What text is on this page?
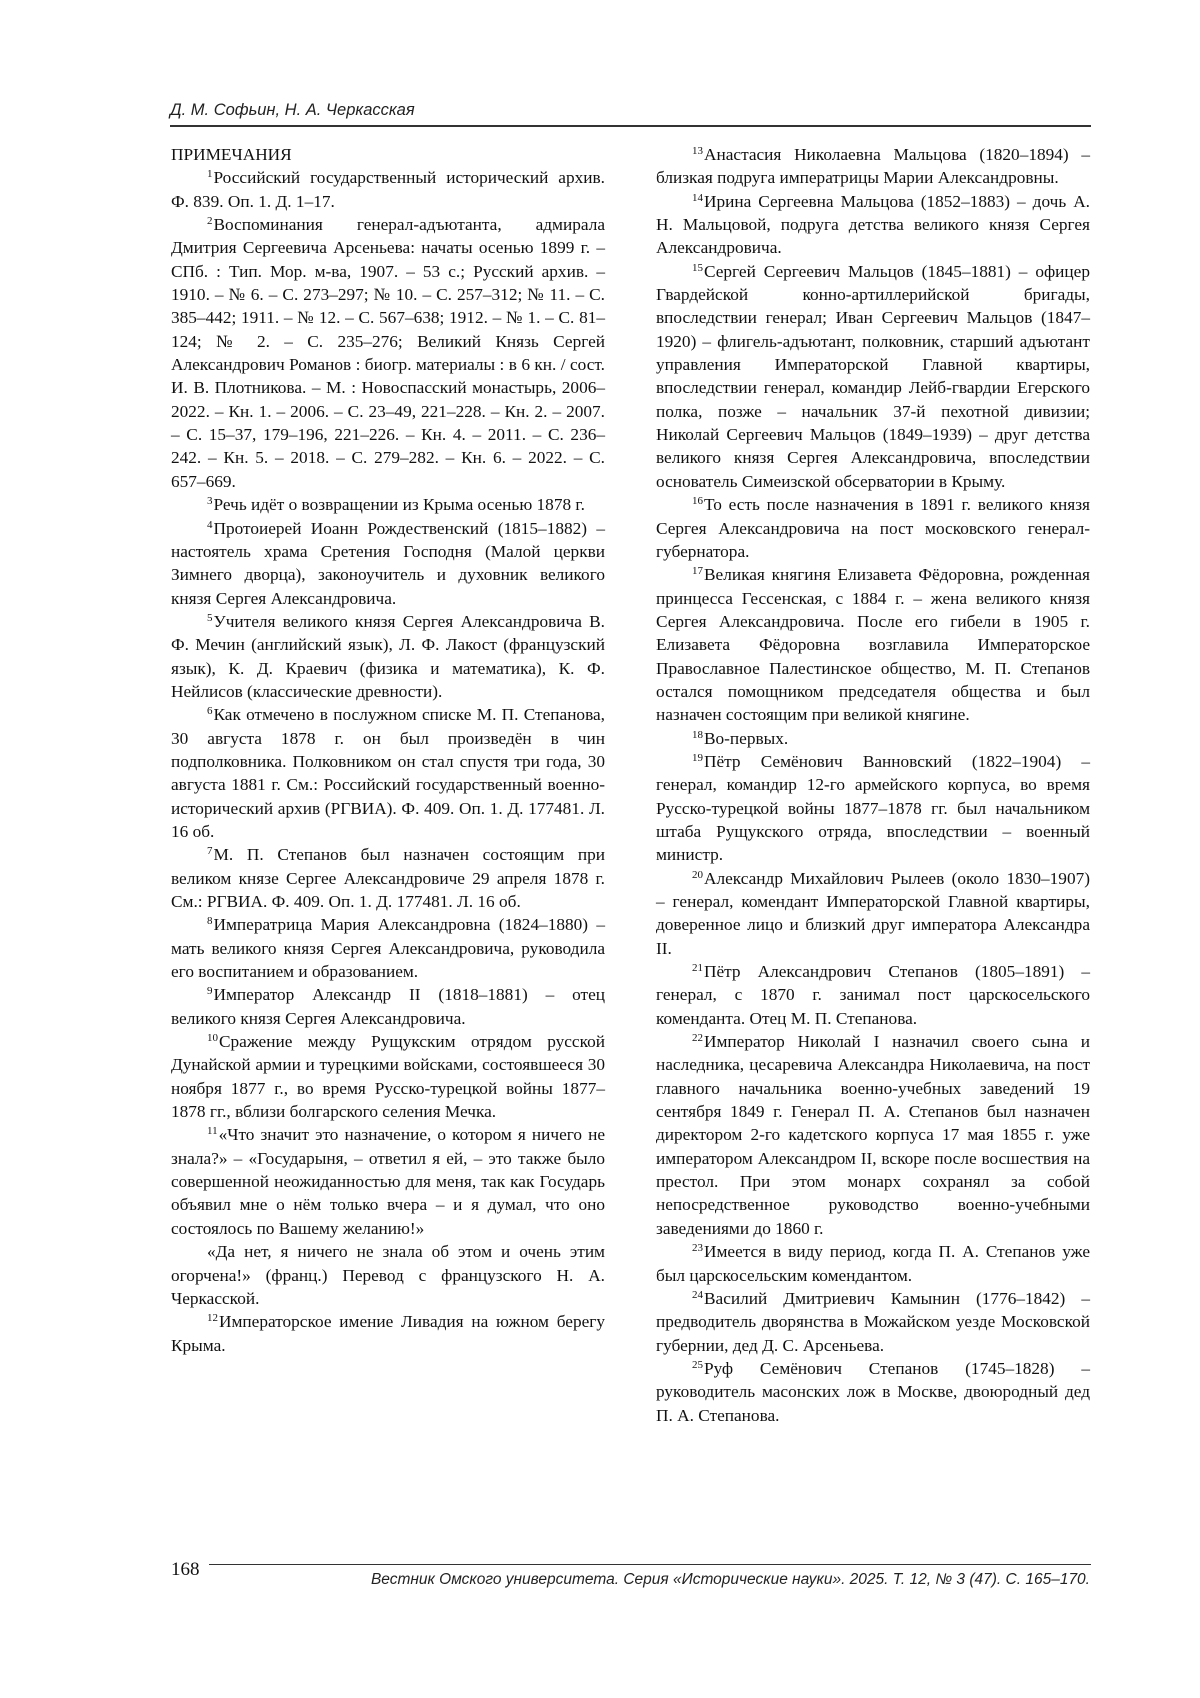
Д. М. Софьин, Н. А. Черкасская

ПРИМЕЧАНИЯ

$^1$Российский государственный исторический архив. Ф. 839. Оп. 1. Д. 1–17.

$^2$Воспоминания генерал-адъютанта, адмирала Дмитрия Сергеевича Арсеньева: начаты осенью 1899 г. – СПб. : Тип. Мор. м-ва, 1907. – 53 с.; Русский архив. – 1910. – № 6. – С. 273–297; № 10. – С. 257–312; № 11. – С. 385–442; 1911. – № 12. – С. 567–638; 1912. – № 1. – С. 81–124; № 2. – С. 235–276; Великий Князь Сергей Александрович Романов : биогр. материалы : в 6 кн. / сост. И. В. Плотникова. – М. : Новоспасский монастырь, 2006–2022. – Кн. 1. – 2006. – С. 23–49, 221–228. – Кн. 2. – 2007. – С. 15–37, 179–196, 221–226. – Кн. 4. – 2011. – С. 236–242. – Кн. 5. – 2018. – С. 279–282. – Кн. 6. – 2022. – С. 657–669.

$^3$Речь идёт о возвращении из Крыма осенью 1878 г.

$^4$Протоиерей Иоанн Рождественский (1815–1882) – настоятель храма Сретения Господня (Малой церкви Зимнего дворца), законоучитель и духовник великого князя Сергея Александровича.

$^5$Учителя великого князя Сергея Александровича В. Ф. Мечин (английский язык), Л. Ф. Лакост (французский язык), К. Д. Краевич (физика и математика), К. Ф. Нейлисов (классические древности).

$^6$Как отмечено в послужном списке М. П. Степанова, 30 августа 1878 г. он был произведён в чин подполковника. Полковником он стал спустя три года, 30 августа 1881 г. См.: Российский государственный военно-исторический архив (РГВИА). Ф. 409. Оп. 1. Д. 177481. Л. 16 об.

$^7$М. П. Степанов был назначен состоящим при великом князе Сергее Александровиче 29 апреля 1878 г. См.: РГВИА. Ф. 409. Оп. 1. Д. 177481. Л. 16 об.

$^8$Императрица Мария Александровна (1824–1880) – мать великого князя Сергея Александровича, руководила его воспитанием и образованием.

$^9$Император Александр II (1818–1881) – отец великого князя Сергея Александровича.

$^{10}$Сражение между Рущукским отрядом русской Дунайской армии и турецкими войсками, состоявшееся 30 ноября 1877 г., во время Русско-турецкой войны 1877–1878 гг., вблизи болгарского селения Мечка.

$^{11}$«Что значит это назначение, о котором я ничего не знала?» – «Государыня, – ответил я ей, – это также было совершенной неожиданностью для меня, так как Государь объявил мне о нём только вчера – и я думал, что оно состоялось по Вашему желанию!»

«Да нет, я ничего не знала об этом и очень этим огорчена!» (франц.) Перевод с французского Н. А. Черкасской.

$^{12}$Императорское имение Ливадия на южном берегу Крыма.

$^{13}$Анастасия Николаевна Мальцова (1820–1894) – близкая подруга императрицы Марии Александровны.

$^{14}$Ирина Сергеевна Мальцова (1852–1883) – дочь А. Н. Мальцовой, подруга детства великого князя Сергея Александровича.

$^{15}$Сергей Сергеевич Мальцов (1845–1881) – офицер Гвардейской конно-артиллерийской бригады, впоследствии генерал; Иван Сергеевич Мальцов (1847–1920) – флигель-адъютант, полковник, старший адъютант управления Императорской Главной квартиры, впоследствии генерал, командир Лейб-гвардии Егерского полка, позже – начальник 37-й пехотной дивизии; Николай Сергеевич Мальцов (1849–1939) – друг детства великого князя Сергея Александровича, впоследствии основатель Симеизской обсерватории в Крыму.

$^{16}$То есть после назначения в 1891 г. великого князя Сергея Александровича на пост московского генерал-губернатора.

$^{17}$Великая княгиня Елизавета Фёдоровна, рожденная принцесса Гессенская, с 1884 г. – жена великого князя Сергея Александровича. После его гибели в 1905 г. Елизавета Фёдоровна возглавила Императорское Православное Палестинское общество, М. П. Степанов остался помощником председателя общества и был назначен состоящим при великой княгине.

$^{18}$Во-первых.

$^{19}$Пётр Семёнович Ванновский (1822–1904) – генерал, командир 12-го армейского корпуса, во время Русско-турецкой войны 1877–1878 гг. был начальником штаба Рущукского отряда, впоследствии – военный министр.

$^{20}$Александр Михайлович Рылеев (около 1830–1907) – генерал, комендант Императорской Главной квартиры, доверенное лицо и близкий друг императора Александра II.

$^{21}$Пётр Александрович Степанов (1805–1891) – генерал, с 1870 г. занимал пост царскосельского коменданта. Отец М. П. Степанова.

$^{22}$Император Николай I назначил своего сына и наследника, цесаревича Александра Николаевича, на пост главного начальника военно-учебных заведений 19 сентября 1849 г. Генерал П. А. Степанов был назначен директором 2-го кадетского корпуса 17 мая 1855 г. уже императором Александром II, вскоре после восшествия на престол. При этом монарх сохранял за собой непосредственное руководство военно-учебными заведениями до 1860 г.

$^{23}$Имеется в виду период, когда П. А. Степанов уже был царскосельским комендантом.

$^{24}$Василий Дмитриевич Камынин (1776–1842) – предводитель дворянства в Можайском уезде Московской губернии, дед Д. С. Арсеньева.

$^{25}$Руф Семёнович Степанов (1745–1828) – руководитель масонских лож в Москве, двоюродный дед П. А. Степанова.

168	Вестник Омского университета. Серия «Исторические науки». 2025. Т. 12, № 3 (47). С. 165–170.
